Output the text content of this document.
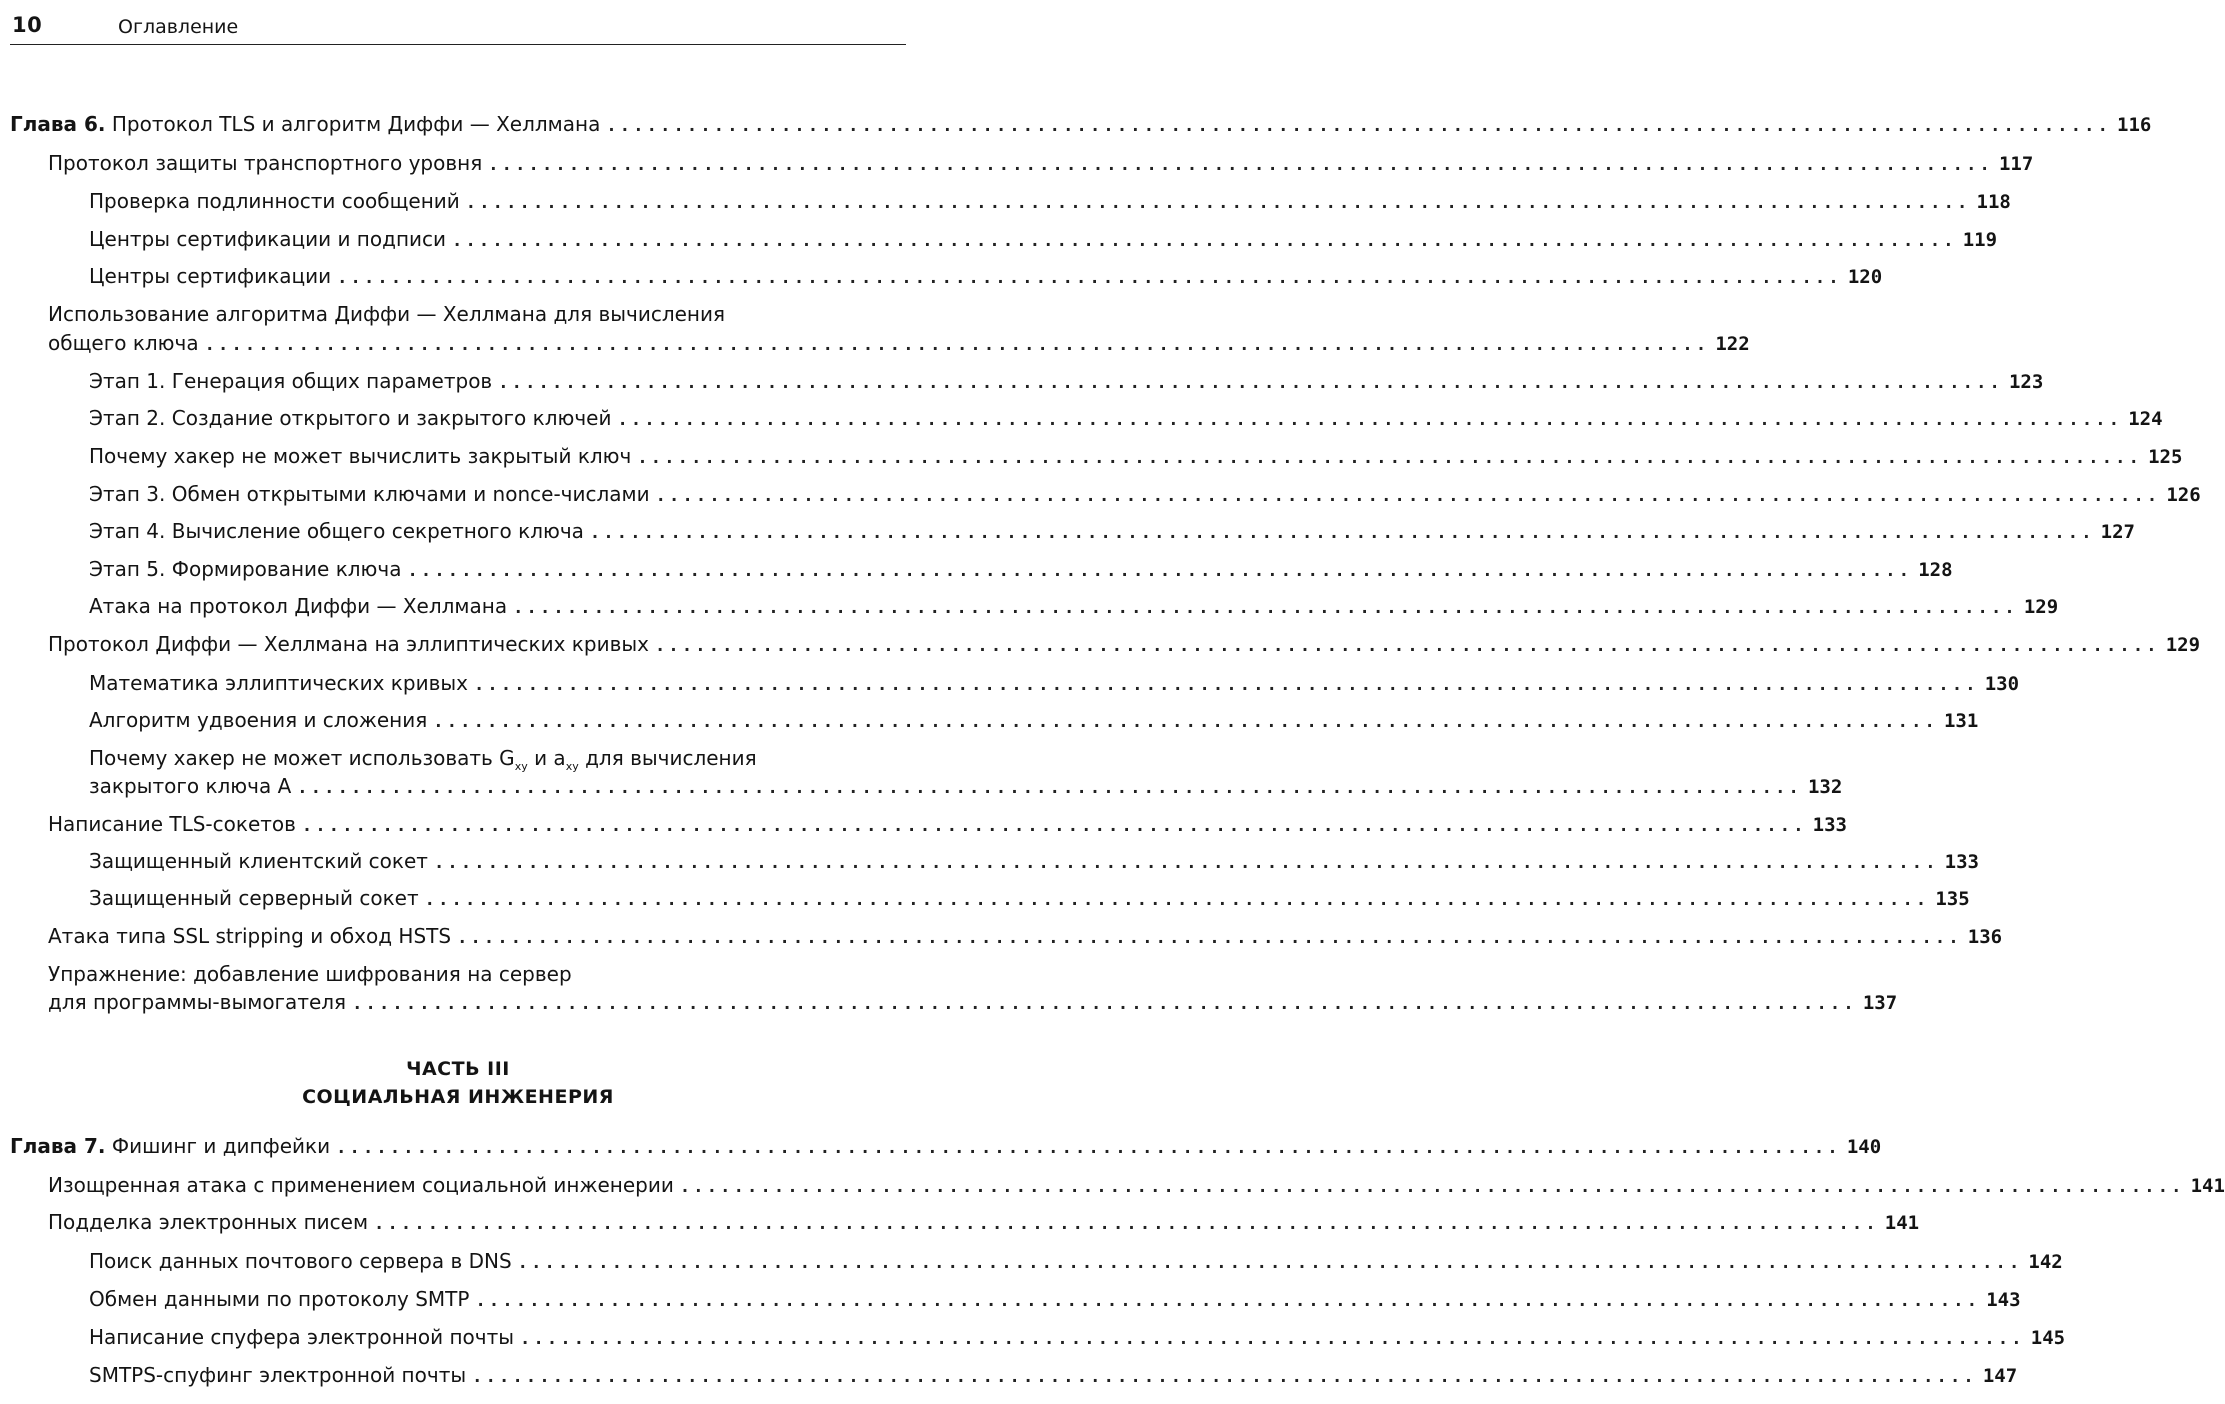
10	Оглавление
Глава 6. Протокол TLS и алгоритм Диффи — Хеллмана ................................................................................................................ 116
Протокол защиты транспортного уровня ................................................................................................................ 117
Проверка подлинности сообщений ................................................................................................................ 118
Центры сертификации и подписи ................................................................................................................ 119
Центры сертификации ................................................................................................................ 120
Использование алгоритма Диффи — Хеллмана для вычисления
общего ключа ................................................................................................................ 122
Этап 1. Генерация общих параметров ................................................................................................................ 123
Этап 2. Создание открытого и закрытого ключей ................................................................................................................ 124
Почему хакер не может вычислить закрытый ключ ................................................................................................................ 125
Этап 3. Обмен открытыми ключами и nonce-числами ................................................................................................................ 126
Этап 4. Вычисление общего секретного ключа ................................................................................................................ 127
Этап 5. Формирование ключа ................................................................................................................ 128
Атака на протокол Диффи — Хеллмана ................................................................................................................ 129
Протокол Диффи — Хеллмана на эллиптических кривых ................................................................................................................ 129
Математика эллиптических кривых ................................................................................................................ 130
Алгоритм удвоения и сложения ................................................................................................................ 131
Почему хакер не может использовать $G_{xy}$ и $a_{xy}$ для вычисления
закрытого ключа A ................................................................................................................ 132
Написание TLS-сокетов ................................................................................................................ 133
Защищенный клиентский сокет ................................................................................................................ 133
Защищенный серверный сокет ................................................................................................................ 135
Атака типа SSL stripping и обход HSTS ................................................................................................................ 136
Упражнение: добавление шифрования на сервер
для программы-вымогателя ................................................................................................................ 137
ЧАСТЬ III
СОЦИАЛЬНАЯ ИНЖЕНЕРИЯ
Глава 7. Фишинг и дипфейки ................................................................................................................ 140
Изощренная атака с применением социальной инженерии ................................................................................................................ 141
Подделка электронных писем ................................................................................................................ 141
Поиск данных почтового сервера в DNS ................................................................................................................ 142
Обмен данными по протоколу SMTP ................................................................................................................ 143
Написание спуфера электронной почты ................................................................................................................ 145
SMTPS-спуфинг электронной почты ................................................................................................................ 147
